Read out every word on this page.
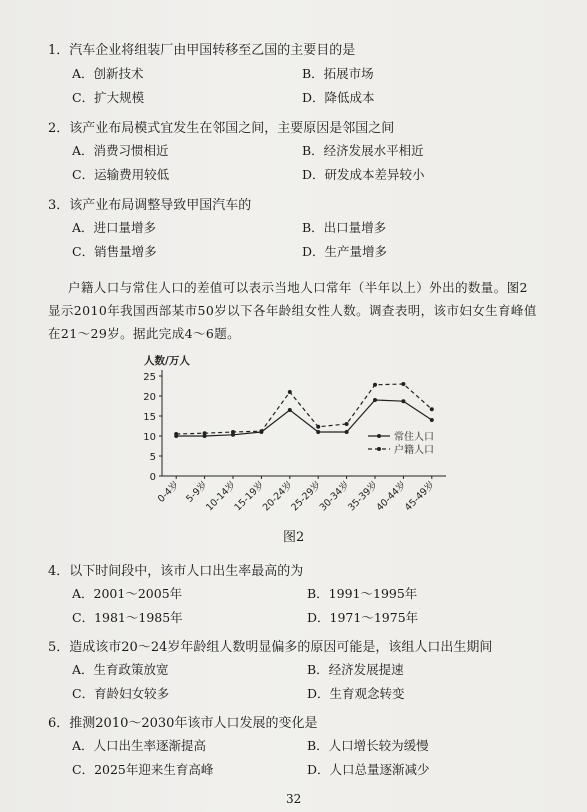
1．汽车企业将组装厂由甲国转移至乙国的主要目的是
A．创新技术	B．拓展市场
C．扩大规模	D．降低成本
2．该产业布局模式宜发生在邻国之间，主要原因是邻国之间
A．消费习惯相近	B．经济发展水平相近
C．运输费用较低	D．研发成本差异较小
3．该产业布局调整导致甲国汽车的
A．进口量增多	B．出口量增多
C．销售量增多	D．生产量增多
户籍人口与常住人口的差值可以表示当地人口常年（半年以上）外出的数量。图2
显示2010年我国西部某市50岁以下各年龄组女性人数。调查表明，该市妇女生育峰值
在21～29岁。据此完成4～6题。
0
5
10
15
20
25
人数/万人
0-4岁 5-9岁
10-14岁
15-19岁
20-24岁
25-29岁
30-34岁
35-39岁
40-44岁
45-49岁
常住人口
户籍人口
图2
4．以下时间段中，该市人口出生率最高的为
A．2001～2005年	B．1991～1995年
C．1981～1985年	D．1971～1975年
5．造成该市20～24岁年龄组人数明显偏多的原因可能是，该组人口出生期间
A．生育政策放宽	B．经济发展提速
C．育龄妇女较多	D．生育观念转变
6．推测2010～2030年该市人口发展的变化是
A．人口出生率逐渐提高	B．人口增长较为缓慢
C．2025年迎来生育高峰	D．人口总量逐渐减少
32
